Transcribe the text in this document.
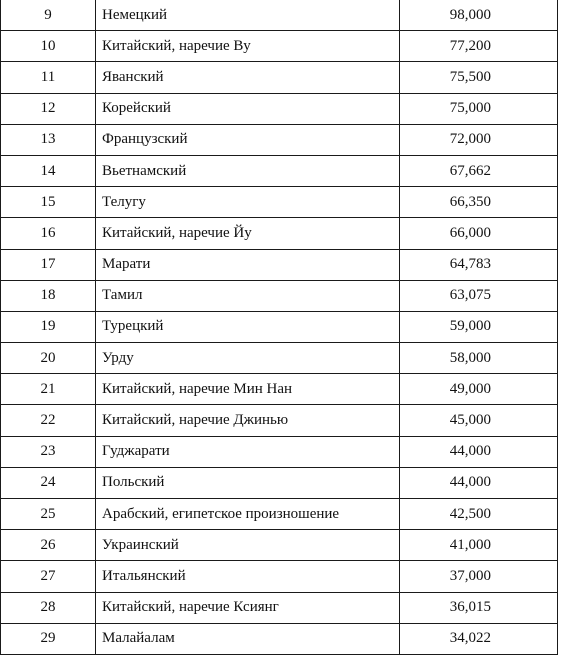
9	Немецкий	98,000
10	Китайский, наречие Ву	77,200
11	Яванский	75,500
12	Корейский	75,000
13	Французский	72,000
14	Вьетнамский	67,662
15	Телугу	66,350
16	Китайский, наречие Йу	66,000
17	Марати	64,783
18	Тамил	63,075
19	Турецкий	59,000
20	Урду	58,000
21	Китайский, наречие Мин Нан	49,000
22	Китайский, наречие Джинью	45,000
23	Гуджарати	44,000
24	Польский	44,000
25	Арабский, египетское произношение	42,500
26	Украинский	41,000
27	Итальянский	37,000
28	Китайский, наречие Ксиянг	36,015
29	Малайалам	34,022
